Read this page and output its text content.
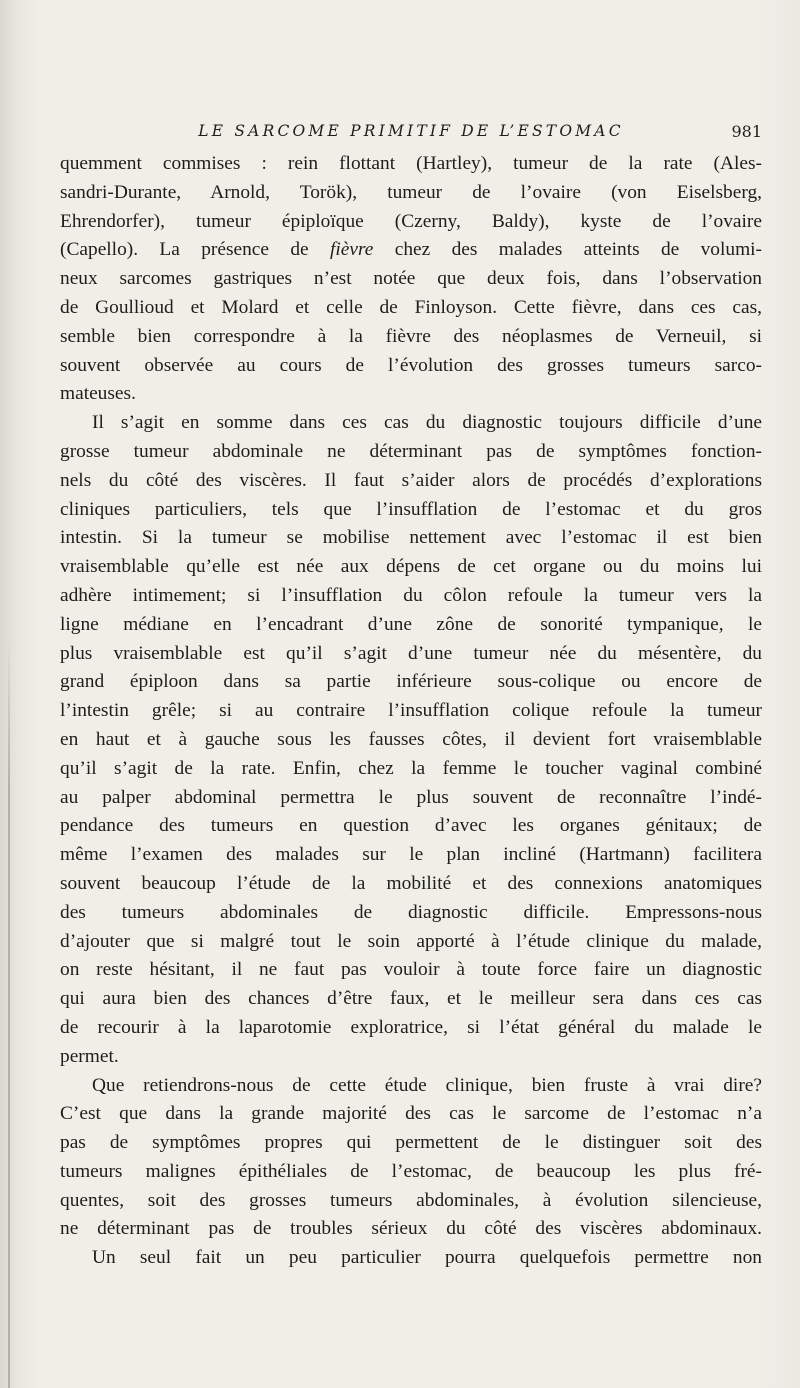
LE SARCOME PRIMITIF DE L’ESTOMAC	981
quemment commises : rein flottant (Hartley), tumeur de la rate (Ales-
sandri-Durante, Arnold, Torök), tumeur de l’ovaire (von Eiselsberg,
Ehrendorfer), tumeur épiploïque (Czerny, Baldy), kyste de l’ovaire
(Capello). La présence de fièvre chez des malades atteints de volumi-
neux sarcomes gastriques n’est notée que deux fois, dans l’observation
de Goullioud et Molard et celle de Finloyson. Cette fièvre, dans ces cas,
semble bien correspondre à la fièvre des néoplasmes de Verneuil, si
souvent observée au cours de l’évolution des grosses tumeurs sarco-
mateuses.
Il s’agit en somme dans ces cas du diagnostic toujours difficile d’une
grosse tumeur abdominale ne déterminant pas de symptômes fonction-
nels du côté des viscères. Il faut s’aider alors de procédés d’explorations
cliniques particuliers, tels que l’insufflation de l’estomac et du gros
intestin. Si la tumeur se mobilise nettement avec l’estomac il est bien
vraisemblable qu’elle est née aux dépens de cet organe ou du moins lui
adhère intimement; si l’insufflation du côlon refoule la tumeur vers la
ligne médiane en l’encadrant d’une zône de sonorité tympanique, le
plus vraisemblable est qu’il s’agit d’une tumeur née du mésentère, du
grand épiploon dans sa partie inférieure sous-colique ou encore de
l’intestin grêle; si au contraire l’insufflation colique refoule la tumeur
en haut et à gauche sous les fausses côtes, il devient fort vraisemblable
qu’il s’agit de la rate. Enfin, chez la femme le toucher vaginal combiné
au palper abdominal permettra le plus souvent de reconnaître l’indé-
pendance des tumeurs en question d’avec les organes génitaux; de
même l’examen des malades sur le plan incliné (Hartmann) facilitera
souvent beaucoup l’étude de la mobilité et des connexions anatomiques
des tumeurs abdominales de diagnostic difficile. Empressons-nous
d’ajouter que si malgré tout le soin apporté à l’étude clinique du malade,
on reste hésitant, il ne faut pas vouloir à toute force faire un diagnostic
qui aura bien des chances d’être faux, et le meilleur sera dans ces cas
de recourir à la laparotomie exploratrice, si l’état général du malade le
permet.
Que retiendrons-nous de cette étude clinique, bien fruste à vrai dire?
C’est que dans la grande majorité des cas le sarcome de l’estomac n’a
pas de symptômes propres qui permettent de le distinguer soit des
tumeurs malignes épithéliales de l’estomac, de beaucoup les plus fré-
quentes, soit des grosses tumeurs abdominales, à évolution silencieuse,
ne déterminant pas de troubles sérieux du côté des viscères abdominaux.
Un seul fait un peu particulier pourra quelquefois permettre non
